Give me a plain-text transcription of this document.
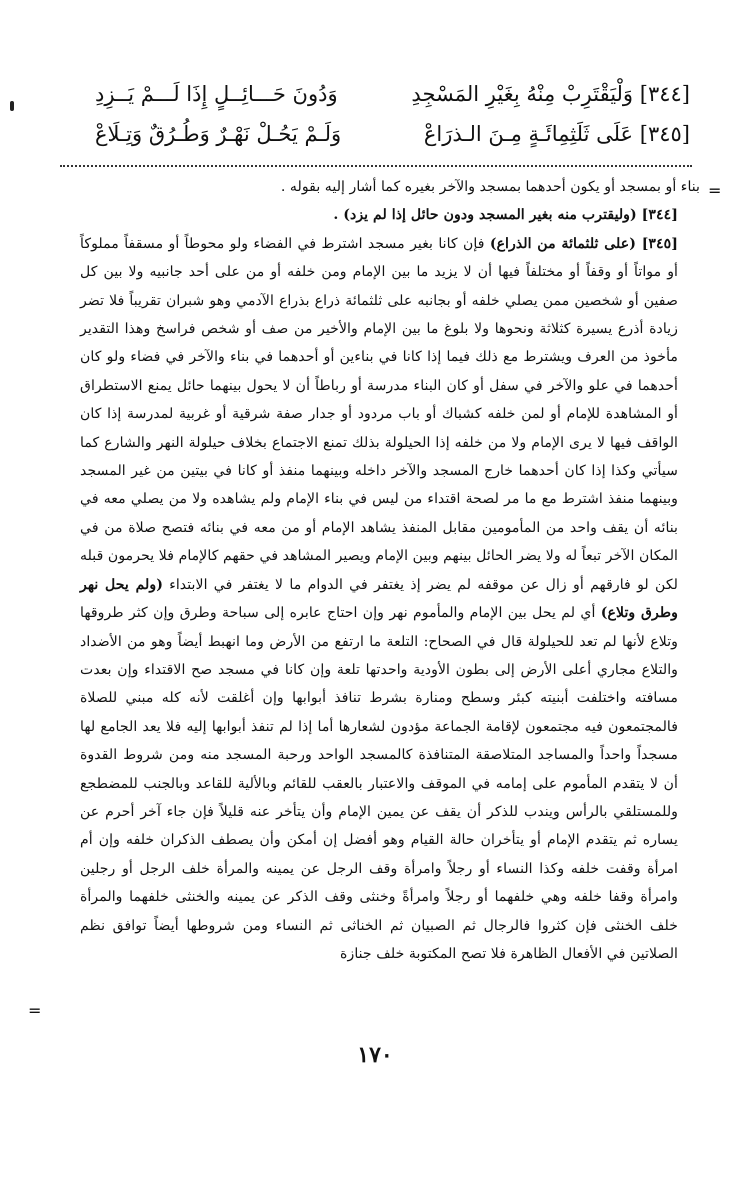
[٣٤٤] وَلْيَقْتَرِبْ مِنْهُ بِغَيْرِ المَسْجِدِ
وَدُونَ حَـــائِــلٍ إِذَا لَـــمْ يَــزِدِ
[٣٤٥] عَلَى ثَلَثِمِائَـةٍ مِـنَ الـذرَاعْ
وَلَـمْ يَحُـلْ نَهْـرٌ وَطُـرُقٌ وَتِـلَاعْ
=

بناء أو بمسجد أو يكون أحدهما بمسجد والآخر بغيره كما أشار إليه بقوله .

[٣٤٤] (وليقترب منه بغير المسجد ودون حائل إذا لم يزد) .

[٣٤٥] (على ثلثمائة من الذراع) فإن كانا بغير مسجد اشترط في الفضاء ولو محوطاً أو مسقفاً مملوكاً أو مواتاً أو وقفاً أو مختلفاً فيها أن لا يزيد ما بين الإمام ومن خلفه أو من على أحد جانبيه ولا بين كل صفين أو شخصين ممن يصلي خلفه أو بجانبه على ثلثمائة ذراع بذراع الآدمي وهو شبران تقريباً فلا تضر زيادة أذرع يسيرة كثلاثة ونحوها ولا بلوغ ما بين الإمام والأخير من صف أو شخص فراسخ وهذا التقدير مأخوذ من العرف ويشترط مع ذلك فيما إذا كانا في بناءين أو أحدهما في بناء والآخر في فضاء ولو كان أحدهما في علو والآخر في سفل أو كان البناء مدرسة أو رباطاً أن لا يحول بينهما حائل يمنع الاستطراق أو المشاهدة للإمام أو لمن خلفه كشباك أو باب مردود أو جدار صفة شرقية أو غربية لمدرسة إذا كان الواقف فيها لا يرى الإمام ولا من خلفه إذا الحيلولة بذلك تمنع الاجتماع بخلاف حيلولة النهر والشارع كما سيأتي وكذا إذا كان أحدهما خارج المسجد والآخر داخله وبينهما منفذ أو كانا في بيتين من غير المسجد وبينهما منفذ اشترط مع ما مر لصحة اقتداء من ليس في بناء الإمام ولم يشاهده ولا من يصلي معه في بنائه أن يقف واحد من المأمومين مقابل المنفذ يشاهد الإمام أو من معه في بنائه فتصح صلاة من في المكان الآخر تبعاً له ولا يضر الحائل بينهم وبين الإمام ويصير المشاهد في حقهم كالإمام فلا يحرمون قبله لكن لو فارقهم أو زال عن موقفه لم يضر إذ يغتفر في الدوام ما لا يغتفر في الابتداء (ولم يحل نهر وطرق وتلاع) أي لم يحل بين الإمام والمأموم نهر وإن احتاج عابره إلى سباحة وطرق وإن كثر طروقها وتلاع لأنها لم تعد للحيلولة قال في الصحاح: التلعة ما ارتفع من الأرض وما انهبط أيضاً وهو من الأضداد والتلاع مجاري أعلى الأرض إلى بطون الأودية واحدتها تلعة وإن كانا في مسجد صح الاقتداء وإن بعدت مسافته واختلفت أبنيته كبئر وسطح ومنارة بشرط تنافذ أبوابها وإن أغلقت لأنه كله مبني للصلاة فالمجتمعون فيه مجتمعون لإقامة الجماعة مؤدون لشعارها أما إذا لم تنفذ أبوابها إليه فلا يعد الجامع لها مسجداً واحداً والمساجد المتلاصقة المتنافذة كالمسجد الواحد ورحبة المسجد منه ومن شروط القدوة أن لا يتقدم المأموم على إمامه في الموقف والاعتبار بالعقب للقائم وبالألية للقاعد وبالجنب للمضطجع وللمستلقي بالرأس ويندب للذكر أن يقف عن يمين الإمام وأن يتأخر عنه قليلاً فإن جاء آخر أحرم عن يساره ثم يتقدم الإمام أو يتأخران حالة القيام وهو أفضل إن أمكن وأن يصطف الذكران خلفه وإن أم امرأة وقفت خلفه وكذا النساء أو رجلاً وامرأة وقف الرجل عن يمينه والمرأة خلف الرجل أو رجلين وامرأة وقفا خلفه وهي خلفهما أو رجلاً وامرأةً وخنثى وقف الذكر عن يمينه والخنثى خلفهما والمرأة خلف الخنثى فإن كثروا فالرجال ثم الصبيان ثم الخناثى ثم النساء ومن شروطها أيضاً توافق نظم الصلاتين في الأفعال الظاهرة فلا تصح المكتوبة خلف جنازة

=
١٧٠
